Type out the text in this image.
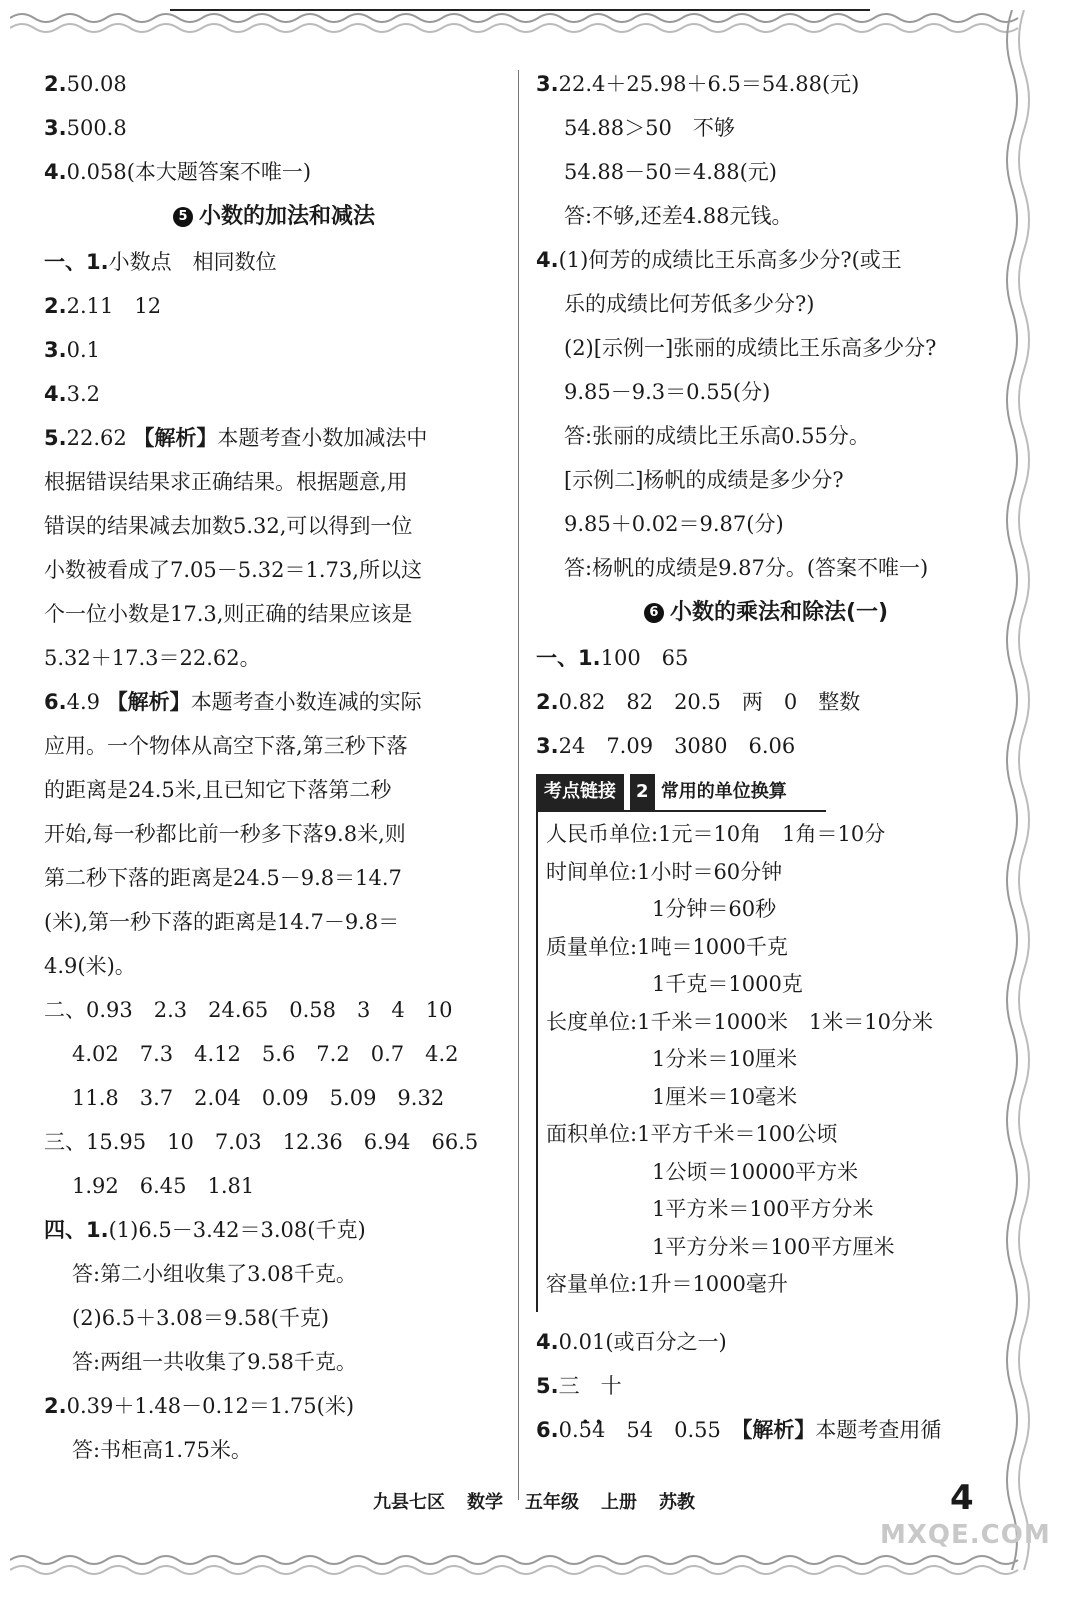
2.50.08
3.500.8
4.0.058(本大题答案不唯一)
5 小数的加法和减法
一、1.小数点　相同数位
2.2.11　12
3.0.1
4.3.2
5.22.62 【解析】本题考查小数加减法中
根据错误结果求正确结果。根据题意,用
错误的结果减去加数5.32,可以得到一位
小数被看成了7.05－5.32＝1.73,所以这
个一位小数是17.3,则正确的结果应该是
5.32＋17.3＝22.62。
6.4.9 【解析】本题考查小数连减的实际
应用。一个物体从高空下落,第三秒下落
的距离是24.5米,且已知它下落第二秒
开始,每一秒都比前一秒多下落9.8米,则
第二秒下落的距离是24.5－9.8＝14.7
(米),第一秒下落的距离是14.7－9.8＝
4.9(米)。
二、0.93　2.3　24.65　0.58　3　4　10
4.02　7.3　4.12　5.6　7.2　0.7　4.2
11.8　3.7　2.04　0.09　5.09　9.32
三、15.95　10　7.03　12.36　6.94　66.5
1.92　6.45　1.81
四、1.(1)6.5－3.42＝3.08(千克)
答:第二小组收集了3.08千克。
(2)6.5＋3.08＝9.58(千克)
答:两组一共收集了9.58千克。
2.0.39＋1.48－0.12＝1.75(米)
答:书柜高1.75米。
3.22.4＋25.98＋6.5＝54.88(元)
54.88＞50　不够
54.88－50＝4.88(元)
答:不够,还差4.88元钱。
4.(1)何芳的成绩比王乐高多少分?(或王
乐的成绩比何芳低多少分?)
(2)[示例一]张丽的成绩比王乐高多少分?
9.85－9.3＝0.55(分)
答:张丽的成绩比王乐高0.55分。
[示例二]杨帆的成绩是多少分?
9.85＋0.02＝9.87(分)
答:杨帆的成绩是9.87分。(答案不唯一)
6 小数的乘法和除法(一)
一、1.100　65
2.0.82　82　20.5　两　0　整数
3.24　7.09　3080　6.06
考点链接 2 常用的单位换算
人民币单位:1元＝10角　1角＝10分
时间单位:1小时＝60分钟
1分钟＝60秒
质量单位:1吨＝1000千克
1千克＝1000克
长度单位:1千米＝1000米　1米＝10分米
1分米＝10厘米
1厘米＝10毫米
面积单位:1平方千米＝100公顷
1公顷＝10000平方米
1平方米＝100平方分米
1平方分米＝100平方厘米
容量单位:1升＝1000毫升
4.0.01(或百分之一)
5.三　十
6.0.· 5· 4　54　0.55　【解析】本题考查用循
九县七区 数学 五年级 上册 苏教	4
MXQE.COM
